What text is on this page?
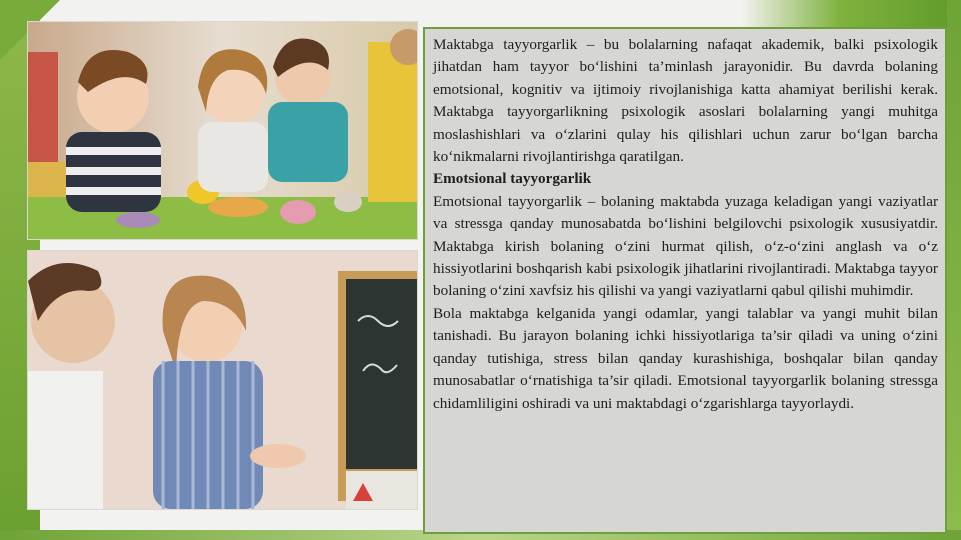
Maktabga tayyorgarlik – bu bolalarning nafaqat akademik, balki psixologik jihatdan ham tayyor bo‘lishini ta’minlash jarayonidir. Bu davrda bolaning emotsional, kognitiv va ijtimoiy rivojlanishiga katta ahamiyat berilishi kerak. Maktabga tayyorgarlikning psixologik asoslari bolalarning yangi muhitga moslashishlari va o‘zlarini qulay his qilishlari uchun zarur bo‘lgan barcha ko‘nikmalarni rivojlantirishga qaratilgan.

Emotsional tayyorgarlik

Emotsional tayyorgarlik – bolaning maktabda yuzaga keladigan yangi vaziyatlar va stressga qanday munosabatda bo‘lishini belgilovchi psixologik xususiyatdir. Maktabga kirish bolaning o‘zini hurmat qilish, o‘z-o‘zini anglash va o‘z hissiyotlarini boshqarish kabi psixologik jihatlarini rivojlantiradi. Maktabga tayyor bolaning o‘zini xavfsiz his qilishi va yangi vaziyatlarni qabul qilishi muhimdir.

Bola maktabga kelganida yangi odamlar, yangi talablar va yangi muhit bilan tanishadi. Bu jarayon bolaning ichki hissiyotlariga ta’sir qiladi va uning o‘zini qanday tutishiga, stress bilan qanday kurashishiga, boshqalar bilan qanday munosabatlar o‘rnatishiga ta’sir qiladi. Emotsional tayyorgarlik bolaning stressga chidamliligini oshiradi va uni maktabdagi o‘zgarishlarga tayyorlaydi.
